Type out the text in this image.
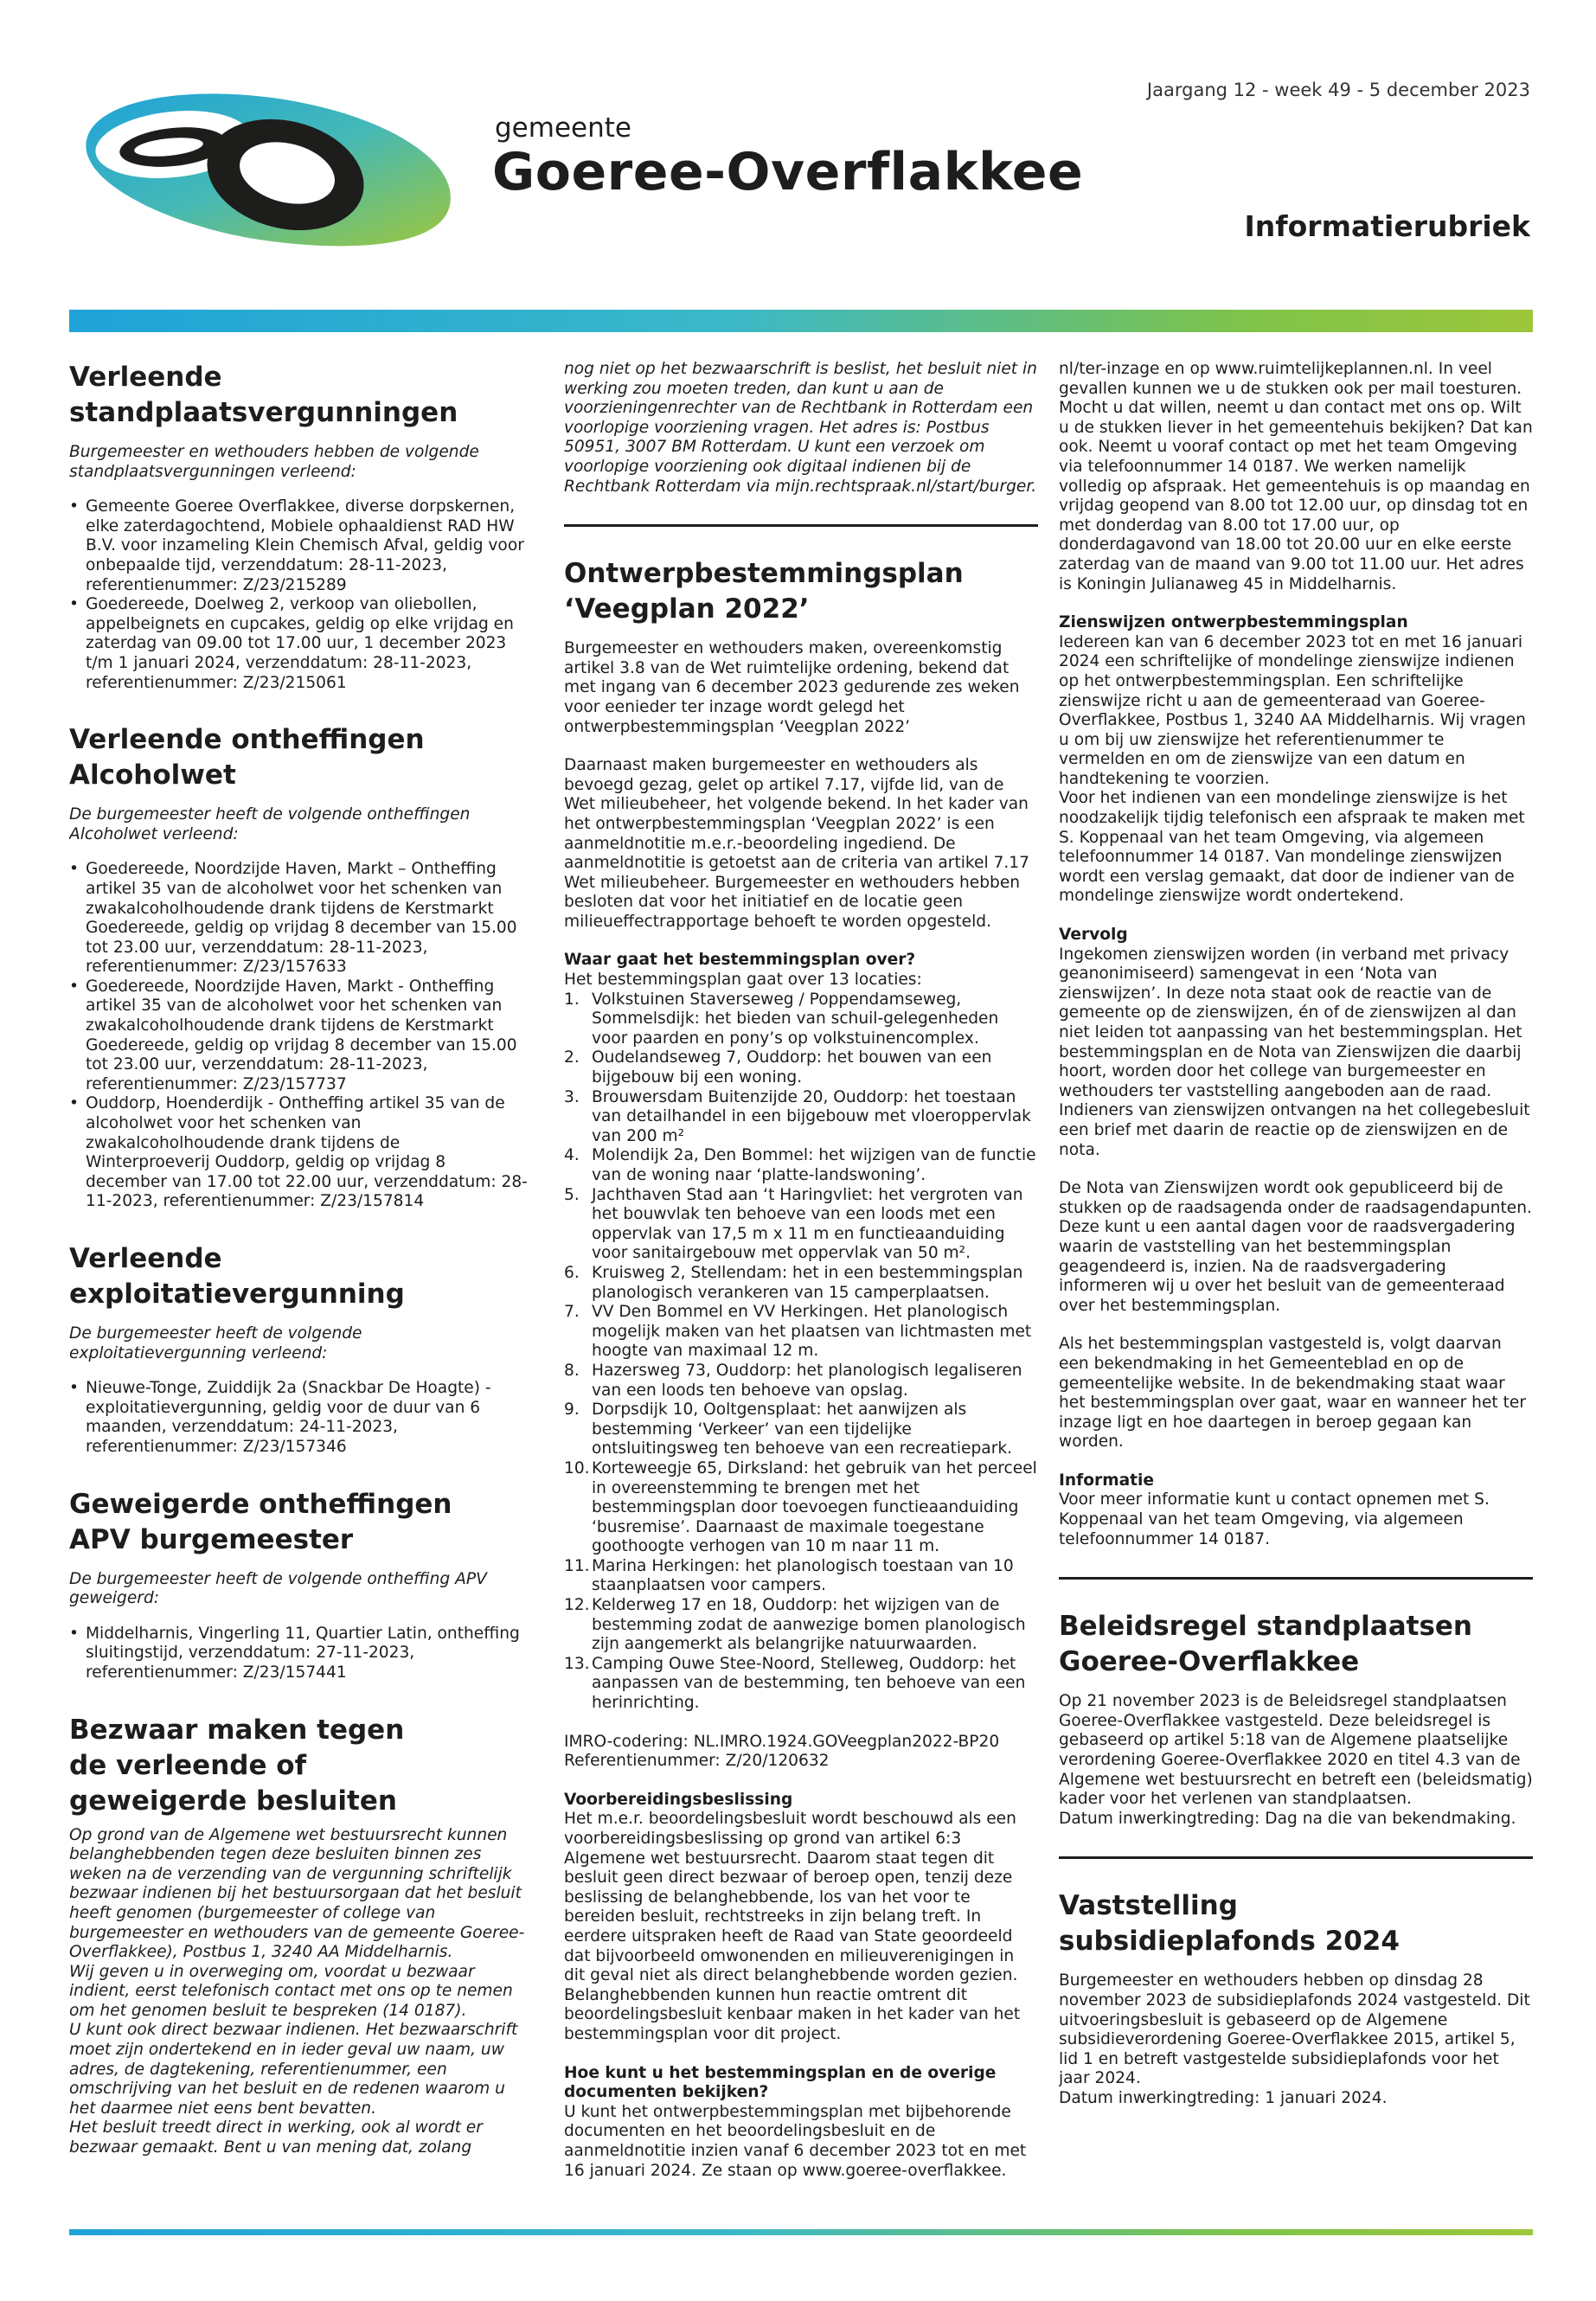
gemeente
Goeree-Overflakkee
Jaargang 12 - week 49 - 5 december 2023
Informatierubriek
Verleende
standplaatsvergunningen

Burgemeester en wethouders hebben de volgende standplaatsvergunningen verleend:

• Gemeente Goeree Overflakkee, diverse dorpskernen, elke zaterdagochtend, Mobiele ophaaldienst RAD HW B.V. voor inzameling Klein Chemisch Afval, geldig voor onbepaalde tijd, verzenddatum: 28-11-2023, referentienummer: Z/23/215289
• Goedereede, Doelweg 2, verkoop van oliebollen, appelbeignets en cupcakes, geldig op elke vrijdag en zaterdag van 09.00 tot 17.00 uur, 1 december 2023 t/m 1 januari 2024, verzenddatum: 28-11-2023, referentienummer: Z/23/215061
Verleende ontheffingen
Alcoholwet

De burgemeester heeft de volgende ontheffingen Alcoholwet verleend:

• Goedereede, Noordzijde Haven, Markt – Ontheffing artikel 35 van de alcoholwet voor het schenken van zwakalcoholhoudende drank tijdens de Kerstmarkt Goedereede, geldig op vrijdag 8 december van 15.00 tot 23.00 uur, verzenddatum: 28-11-2023, referentienummer: Z/23/157633
• Goedereede, Noordzijde Haven, Markt - Ontheffing artikel 35 van de alcoholwet voor het schenken van zwakalcoholhoudende drank tijdens de Kerstmarkt Goedereede, geldig op vrijdag 8 december van 15.00 tot 23.00 uur, verzenddatum: 28-11-2023, referentienummer: Z/23/157737
• Ouddorp, Hoenderdijk - Ontheffing artikel 35 van de alcoholwet voor het schenken van zwakalcoholhoudende drank tijdens de Winterproeverij Ouddorp, geldig op vrijdag 8 december van 17.00 tot 22.00 uur, verzenddatum: 28-11-2023, referentienummer: Z/23/157814
Verleende exploitatievergunning

De burgemeester heeft de volgende exploitatievergunning verleend:

• Nieuwe-Tonge, Zuiddijk 2a (Snackbar De Hoagte) - exploitatievergunning, geldig voor de duur van 6 maanden, verzenddatum: 24-11-2023, referentienummer: Z/23/157346
Geweigerde ontheffingen
APV burgemeester

De burgemeester heeft de volgende ontheffing APV geweigerd:

• Middelharnis, Vingerling 11, Quartier Latin, ontheffing sluitingstijd, verzenddatum: 27-11-2023, referentienummer: Z/23/157441
Bezwaar maken tegen
de verleende of
geweigerde besluiten

Op grond van de Algemene wet bestuursrecht kunnen belanghebbenden tegen deze besluiten binnen zes weken na de verzending van de vergunning schriftelijk bezwaar indienen bij het bestuursorgaan dat het besluit heeft genomen (burgemeester of college van burgemeester en wethouders van de gemeente Goeree-Overflakkee), Postbus 1, 3240 AA Middelharnis.

Wij geven u in overweging om, voordat u bezwaar indient, eerst telefonisch contact met ons op te nemen om het genomen besluit te bespreken (14 0187).

U kunt ook direct bezwaar indienen. Het bezwaarschrift moet zijn ondertekend en in ieder geval uw naam, uw adres, de dagtekening, referentienummer, een omschrijving van het besluit en de redenen waarom u het daarmee niet eens bent bevatten.

Het besluit treedt direct in werking, ook al wordt er bezwaar gemaakt. Bent u van mening dat, zolang

nog niet op het bezwaarschrift is beslist, het besluit niet in werking zou moeten treden, dan kunt u aan de voorzieningenrechter van de Rechtbank in Rotterdam een voorlopige voorziening vragen. Het adres is: Postbus 50951, 3007 BM Rotterdam. U kunt een verzoek om voorlopige voorziening ook digitaal indienen bij de Rechtbank Rotterdam via mijn.rechtspraak.nl/start/burger.

Ontwerpbestemmingsplan
‘Veegplan 2022’

Burgemeester en wethouders maken, overeenkomstig artikel 3.8 van de Wet ruimtelijke ordening, bekend dat met ingang van 6 december 2023 gedurende zes weken voor eenieder ter inzage wordt gelegd het ontwerpbestemmingsplan ‘Veegplan 2022’

Daarnaast maken burgemeester en wethouders als bevoegd gezag, gelet op artikel 7.17, vijfde lid, van de Wet milieubeheer, het volgende bekend. In het kader van het ontwerpbestemmingsplan ‘Veegplan 2022’ is een aanmeldnotitie m.e.r.-beoordeling ingediend. De aanmeldnotitie is getoetst aan de criteria van artikel 7.17 Wet milieubeheer. Burgemeester en wethouders hebben besloten dat voor het initiatief en de locatie geen milieueffectrapportage behoeft te worden opgesteld.

Waar gaat het bestemmingsplan over?

Het bestemmingsplan gaat over 13 locaties:

1. Volkstuinen Staverseweg / Poppendamseweg, Sommelsdijk: het bieden van schuil-gelegenheden voor paarden en pony’s op volkstuinencomplex.
2. Oudelandseweg 7, Ouddorp: het bouwen van een bijgebouw bij een woning.
3. Brouwersdam Buitenzijde 20, Ouddorp: het toestaan van detailhandel in een bijgebouw met vloeroppervlak van 200 m²
4. Molendijk 2a, Den Bommel: het wijzigen van de functie van de woning naar ‘platte-landswoning’.
5. Jachthaven Stad aan ‘t Haringvliet: het vergroten van het bouwvlak ten behoeve van een loods met een oppervlak van 17,5 m x 11 m en functieaanduiding voor sanitairgebouw met oppervlak van 50 m².
6. Kruisweg 2, Stellendam: het in een bestemmingsplan planologisch verankeren van 15 camperplaatsen.
7. VV Den Bommel en VV Herkingen. Het planologisch mogelijk maken van het plaatsen van lichtmasten met hoogte van maximaal 12 m.
8. Hazersweg 73, Ouddorp: het planologisch legaliseren van een loods ten behoeve van opslag.
9. Dorpsdijk 10, Ooltgensplaat: het aanwijzen als bestemming ‘Verkeer’ van een tijdelijke ontsluitingsweg ten behoeve van een recreatiepark.
10. Korteweegje 65, Dirksland: het gebruik van het perceel in overeenstemming te brengen met het bestemmingsplan door toevoegen functieaanduiding ‘busremise’. Daarnaast de maximale toegestane goothoogte verhogen van 10 m naar 11 m.
11. Marina Herkingen: het planologisch toestaan van 10 staanplaatsen voor campers.
12. Kelderweg 17 en 18, Ouddorp: het wijzigen van de bestemming zodat de aanwezige bomen planologisch zijn aangemerkt als belangrijke natuurwaarden.
13. Camping Ouwe Stee-Noord, Stelleweg, Ouddorp: het aanpassen van de bestemming, ten behoeve van een herinrichting.

IMRO-codering: NL.IMRO.1924.GOVeegplan2022-BP20

Referentienummer: Z/20/120632

Voorbereidingsbeslissing

Het m.e.r. beoordelingsbesluit wordt beschouwd als een voorbereidingsbeslissing op grond van artikel 6:3 Algemene wet bestuursrecht. Daarom staat tegen dit besluit geen direct bezwaar of beroep open, tenzij deze beslissing de belanghebbende, los van het voor te bereiden besluit, rechtstreeks in zijn belang treft. In eerdere uitspraken heeft de Raad van State geoordeeld dat bijvoorbeeld omwonenden en milieuverenigingen in dit geval niet als direct belanghebbende worden gezien. Belanghebbenden kunnen hun reactie omtrent dit beoordelingsbesluit kenbaar maken in het kader van het bestemmingsplan voor dit project.

Hoe kunt u het bestemmingsplan en de overige documenten bekijken?

U kunt het ontwerpbestemmingsplan met bijbehorende documenten en het beoordelingsbesluit en de aanmeldnotitie inzien vanaf 6 december 2023 tot en met 16 januari 2024. Ze staan op www.goeree-overflakkee.

nl/ter-inzage en op www.ruimtelijkeplannen.nl. In veel gevallen kunnen we u de stukken ook per mail toesturen. Mocht u dat willen, neemt u dan contact met ons op. Wilt u de stukken liever in het gemeentehuis bekijken? Dat kan ook. Neemt u vooraf contact op met het team Omgeving via telefoonnummer 14 0187. We werken namelijk volledig op afspraak. Het gemeentehuis is op maandag en vrijdag geopend van 8.00 tot 12.00 uur, op dinsdag tot en met donderdag van 8.00 tot 17.00 uur, op donderdagavond van 18.00 tot 20.00 uur en elke eerste zaterdag van de maand van 9.00 tot 11.00 uur. Het adres is Koningin Julianaweg 45 in Middelharnis.

Zienswijzen ontwerpbestemmingsplan

Iedereen kan van 6 december 2023 tot en met 16 januari 2024 een schriftelijke of mondelinge zienswijze indienen op het ontwerpbestemmingsplan. Een schriftelijke zienswijze richt u aan de gemeenteraad van Goeree-Overflakkee, Postbus 1, 3240 AA Middelharnis. Wij vragen u om bij uw zienswijze het referentienummer te vermelden en om de zienswijze van een datum en handtekening te voorzien.

Voor het indienen van een mondelinge zienswijze is het noodzakelijk tijdig telefonisch een afspraak te maken met S. Koppenaal van het team Omgeving, via algemeen telefoonnummer 14 0187. Van mondelinge zienswijzen wordt een verslag gemaakt, dat door de indiener van de mondelinge zienswijze wordt ondertekend.

Vervolg

Ingekomen zienswijzen worden (in verband met privacy geanonimiseerd) samengevat in een ‘Nota van zienswijzen’. In deze nota staat ook de reactie van de gemeente op de zienswijzen, én of de zienswijzen al dan niet leiden tot aanpassing van het bestemmingsplan. Het bestemmingsplan en de Nota van Zienswijzen die daarbij hoort, worden door het college van burgemeester en wethouders ter vaststelling aangeboden aan de raad. Indieners van zienswijzen ontvangen na het collegebesluit een brief met daarin de reactie op de zienswijzen en de nota.

De Nota van Zienswijzen wordt ook gepubliceerd bij de stukken op de raadsagenda onder de raadsagendapunten. Deze kunt u een aantal dagen voor de raadsvergadering waarin de vaststelling van het bestemmingsplan geagendeerd is, inzien. Na de raadsvergadering informeren wij u over het besluit van de gemeenteraad over het bestemmingsplan.

Als het bestemmingsplan vastgesteld is, volgt daarvan een bekendmaking in het Gemeenteblad en op de gemeentelijke website. In de bekendmaking staat waar het bestemmingsplan over gaat, waar en wanneer het ter inzage ligt en hoe daartegen in beroep gegaan kan worden.

Informatie

Voor meer informatie kunt u contact opnemen met S. Koppenaal van het team Omgeving, via algemeen telefoonnummer 14 0187.

Beleidsregel standplaatsen
Goeree-Overflakkee

Op 21 november 2023 is de Beleidsregel standplaatsen Goeree-Overflakkee vastgesteld. Deze beleidsregel is gebaseerd op artikel 5:18 van de Algemene plaatselijke verordening Goeree-Overflakkee 2020 en titel 4.3 van de Algemene wet bestuursrecht en betreft een (beleidsmatig) kader voor het verlenen van standplaatsen.

Datum inwerkingtreding: Dag na die van bekendmaking.

Vaststelling
subsidieplafonds 2024

Burgemeester en wethouders hebben op dinsdag 28 november 2023 de subsidieplafonds 2024 vastgesteld. Dit uitvoeringsbesluit is gebaseerd op de Algemene subsidieverordening Goeree-Overflakkee 2015, artikel 5, lid 1 en betreft vastgestelde subsidieplafonds voor het jaar 2024.

Datum inwerkingtreding: 1 januari 2024.
